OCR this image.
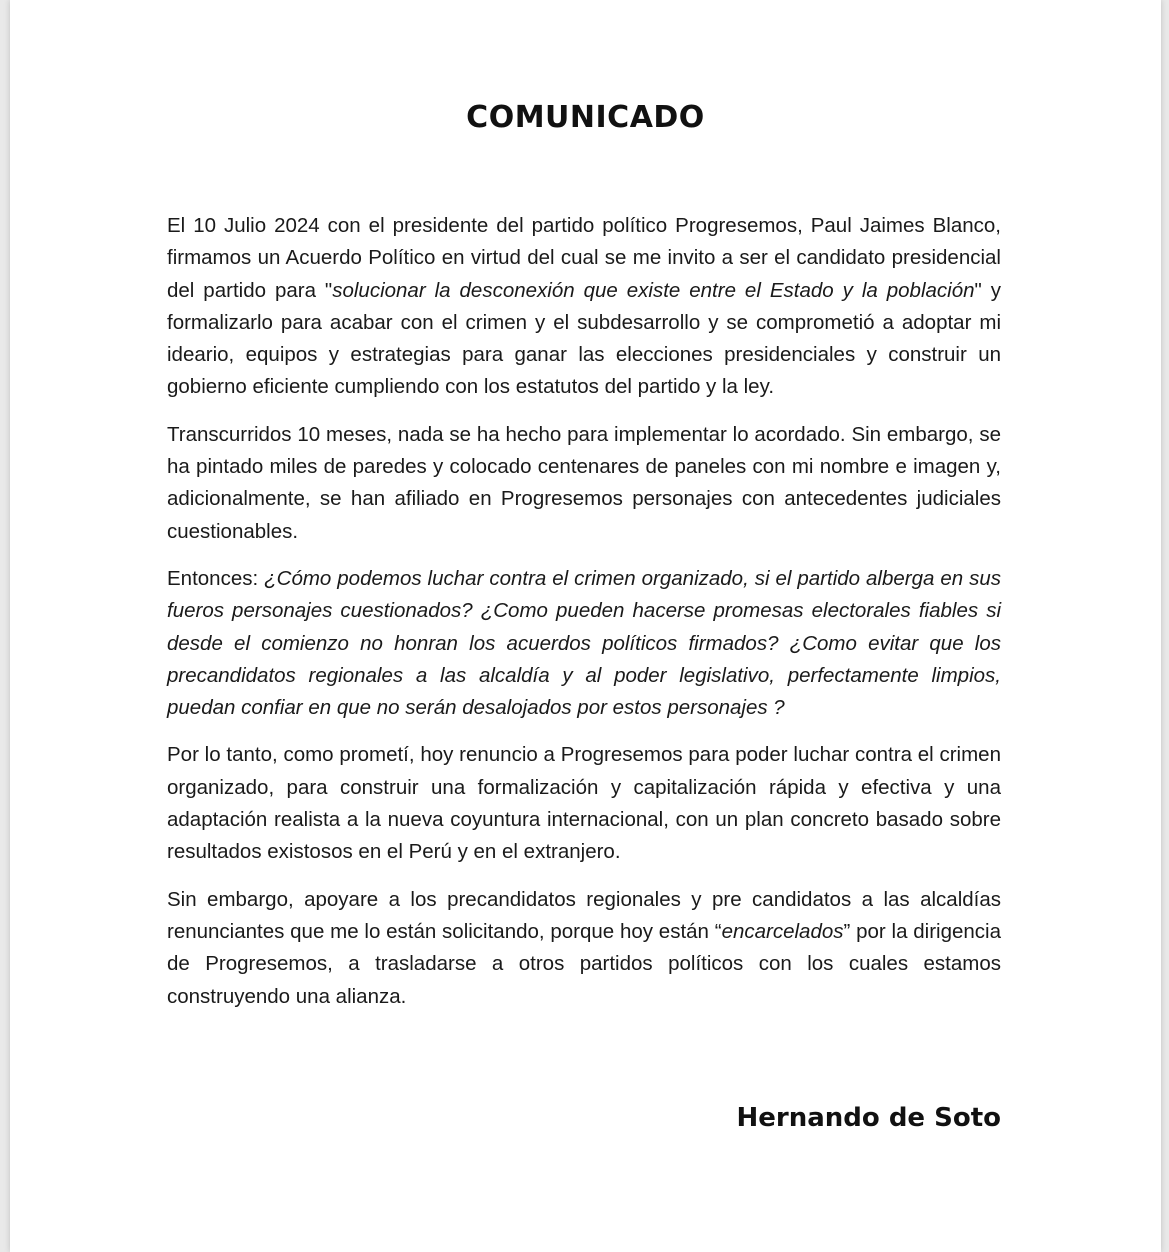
COMUNICADO

El 10 Julio 2024 con el presidente del partido político Progresemos, Paul Jaimes Blanco, firmamos un Acuerdo Político en virtud del cual se me invito a ser el candidato presidencial del partido para "solucionar la desconexión que existe entre el Estado y la población" y formalizarlo para acabar con el crimen y el subdesarrollo y se comprometió a adoptar mi ideario, equipos y estrategias para ganar las elecciones presidenciales y construir un gobierno eficiente cumpliendo con los estatutos del partido y la ley.

Transcurridos 10 meses, nada se ha hecho para implementar lo acordado. Sin embargo, se ha pintado miles de paredes y colocado centenares de paneles con mi nombre e imagen y, adicionalmente, se han afiliado en Progresemos personajes con antecedentes judiciales cuestionables.

Entonces: ¿Cómo podemos luchar contra el crimen organizado, si el partido alberga en sus fueros personajes cuestionados? ¿Como pueden hacerse promesas electorales fiables si desde el comienzo no honran los acuerdos políticos firmados? ¿Como evitar que los precandidatos regionales a las alcaldía y al poder legislativo, perfectamente limpios, puedan confiar en que no serán desalojados por estos personajes ?

Por lo tanto, como prometí, hoy renuncio a Progresemos para poder luchar contra el crimen organizado, para construir una formalización y capitalización rápida y efectiva y una adaptación realista a la nueva coyuntura internacional, con un plan concreto basado sobre resultados existosos en el Perú y en el extranjero.

Sin embargo, apoyare a los precandidatos regionales y pre candidatos a las alcaldías renunciantes que me lo están solicitando, porque hoy están “encarcelados” por la dirigencia de Progresemos, a trasladarse a otros partidos políticos con los cuales estamos construyendo una alianza.

Hernando de Soto
